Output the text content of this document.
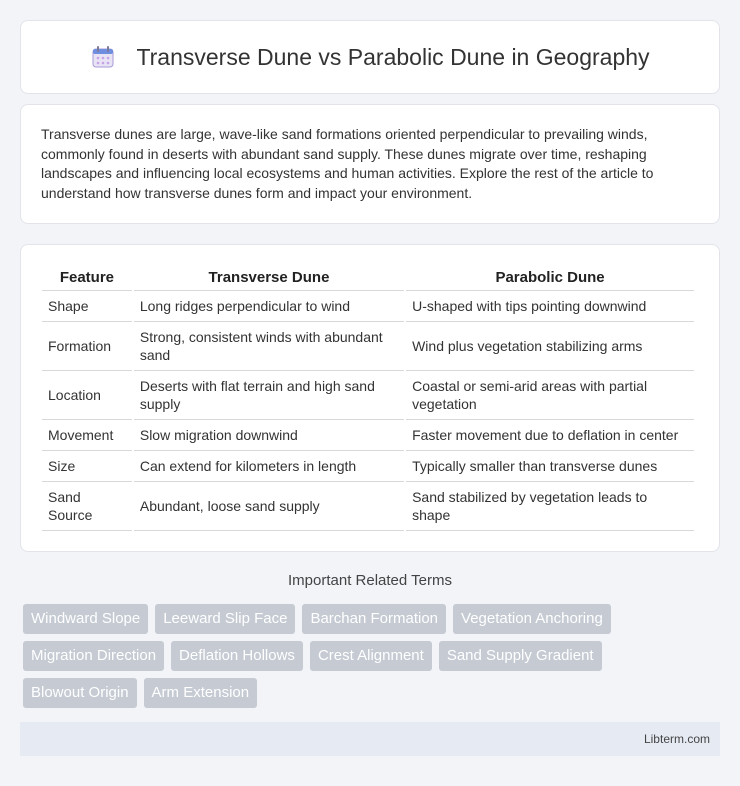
Transverse Dune vs Parabolic Dune in Geography

Transverse dunes are large, wave-like sand formations oriented perpendicular to prevailing winds, commonly found in deserts with abundant sand supply. These dunes migrate over time, reshaping landscapes and influencing local ecosystems and human activities. Explore the rest of the article to understand how transverse dunes form and impact your environment.

Feature	Transverse Dune	Parabolic Dune
Shape	Long ridges perpendicular to wind	U-shaped with tips pointing downwind
Formation	Strong, consistent winds with abundant sand	Wind plus vegetation stabilizing arms
Location	Deserts with flat terrain and high sand supply	Coastal or semi-arid areas with partial vegetation
Movement	Slow migration downwind	Faster movement due to deflation in center
Size	Can extend for kilometers in length	Typically smaller than transverse dunes
Sand Source	Abundant, loose sand supply	Sand stabilized by vegetation leads to shape
Important Related Terms
Windward Slope	Leeward Slip Face	Barchan Formation	Vegetation Anchoring
Migration Direction	Deflation Hollows	Crest Alignment	Sand Supply Gradient
Blowout Origin	Arm Extension
Libterm.com
